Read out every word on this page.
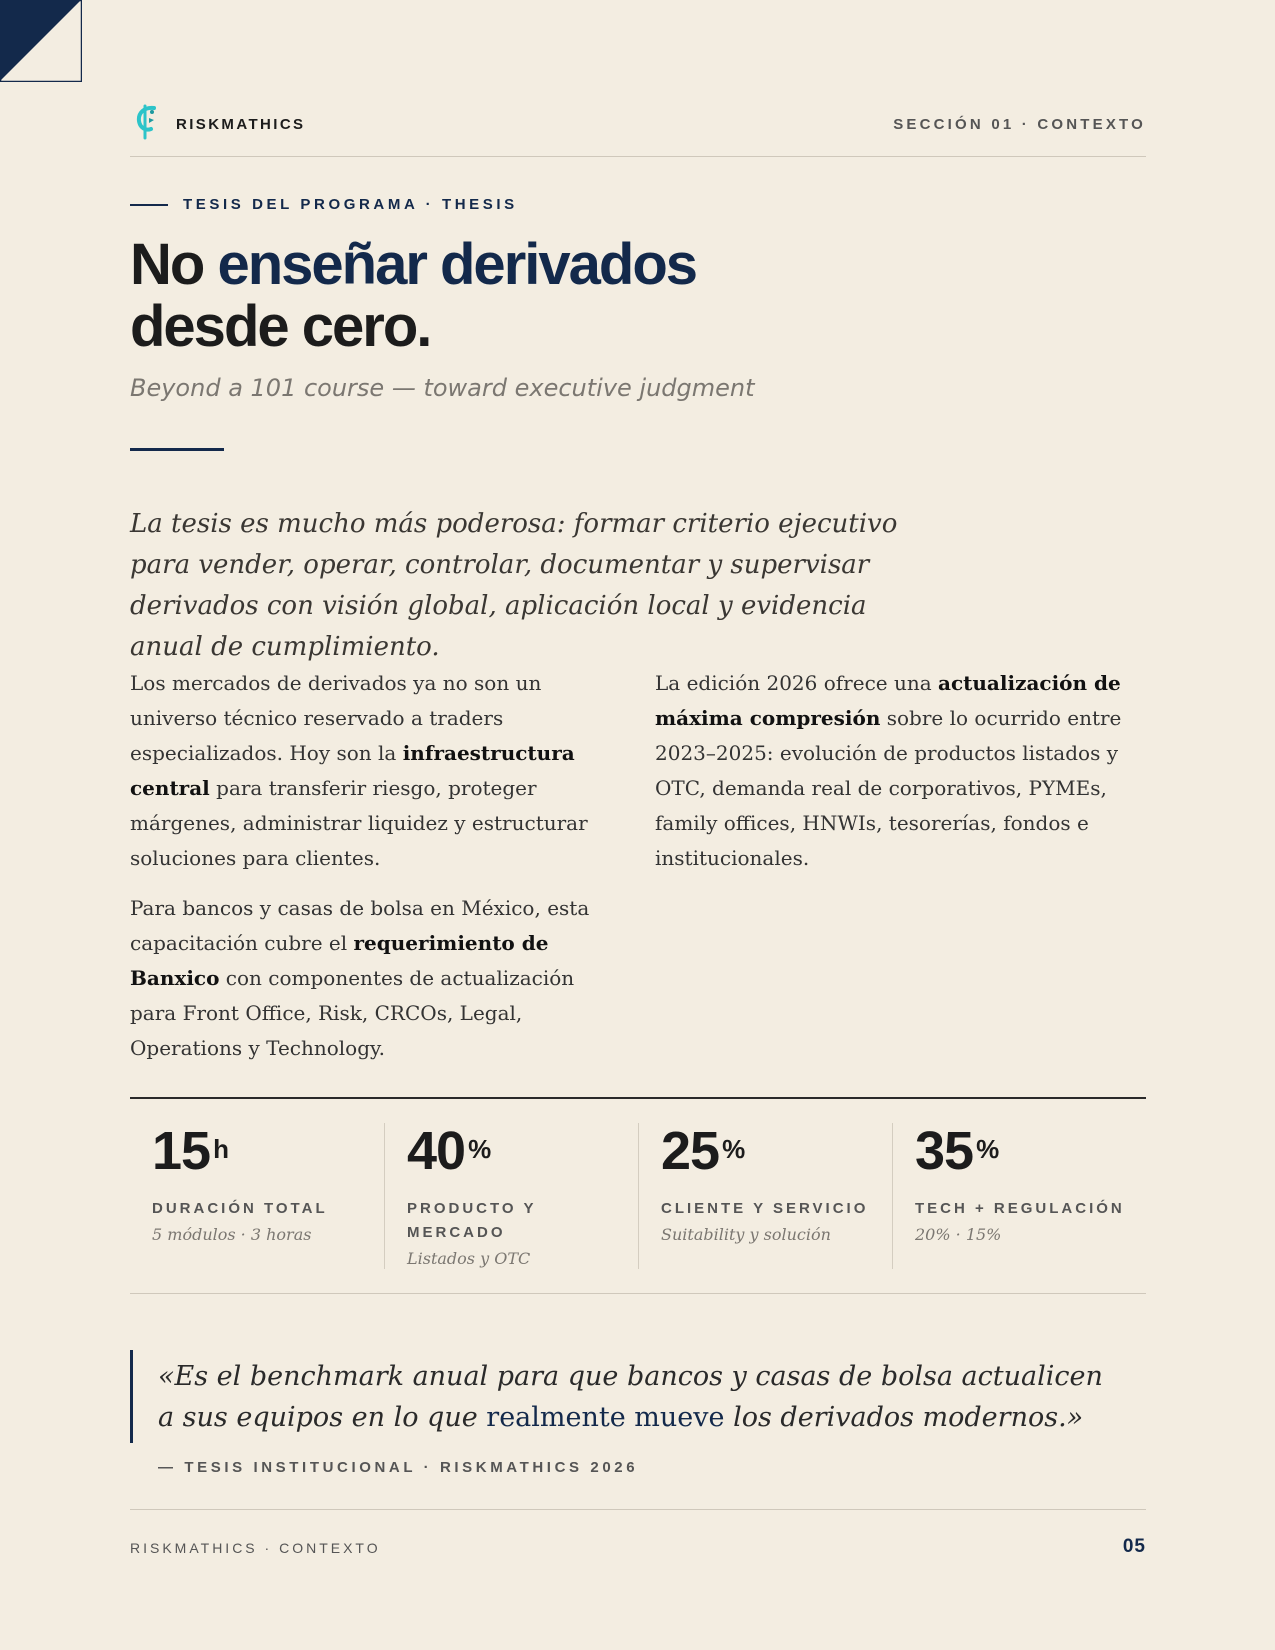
RISKMATHICS	SECCIÓN 01 · CONTEXTO
TESIS DEL PROGRAMA · THESIS
No enseñar derivados
desde cero.
Beyond a 101 course — toward executive judgment

La tesis es mucho más poderosa: formar criterio ejecutivo para vender, operar, controlar, documentar y supervisar derivados con visión global, aplicación local y evidencia anual de cumplimiento.

Los mercados de derivados ya no son un universo técnico reservado a traders especializados. Hoy son la infraestructura central para transferir riesgo, proteger márgenes, administrar liquidez y estructurar soluciones para clientes.

Para bancos y casas de bolsa en México, esta capacitación cubre el requerimiento de Banxico con componentes de actualización para Front Office, Risk, CRCOs, Legal, Operations y Technology.

La edición 2026 ofrece una actualización de máxima compresión sobre lo ocurrido entre 2023–2025: evolución de productos listados y OTC, demanda real de corporativos, PYMEs, family offices, HNWIs, tesorerías, fondos e institucionales.

15 $^h$
DURACIÓN TOTAL
5 módulos · 3 horas
40 %
PRODUCTO Y MERCADO
Listados y OTC
25 %
CLIENTE Y SERVICIO
Suitability y solución
35 %
TECH + REGULACIÓN
20% · 15%

«Es el benchmark anual para que bancos y casas de bolsa actualicen a sus equipos en lo que realmente mueve los derivados modernos.»

— TESIS INSTITUCIONAL · RISKMATHICS 2026
RISKMATHICS · CONTEXTO	05
